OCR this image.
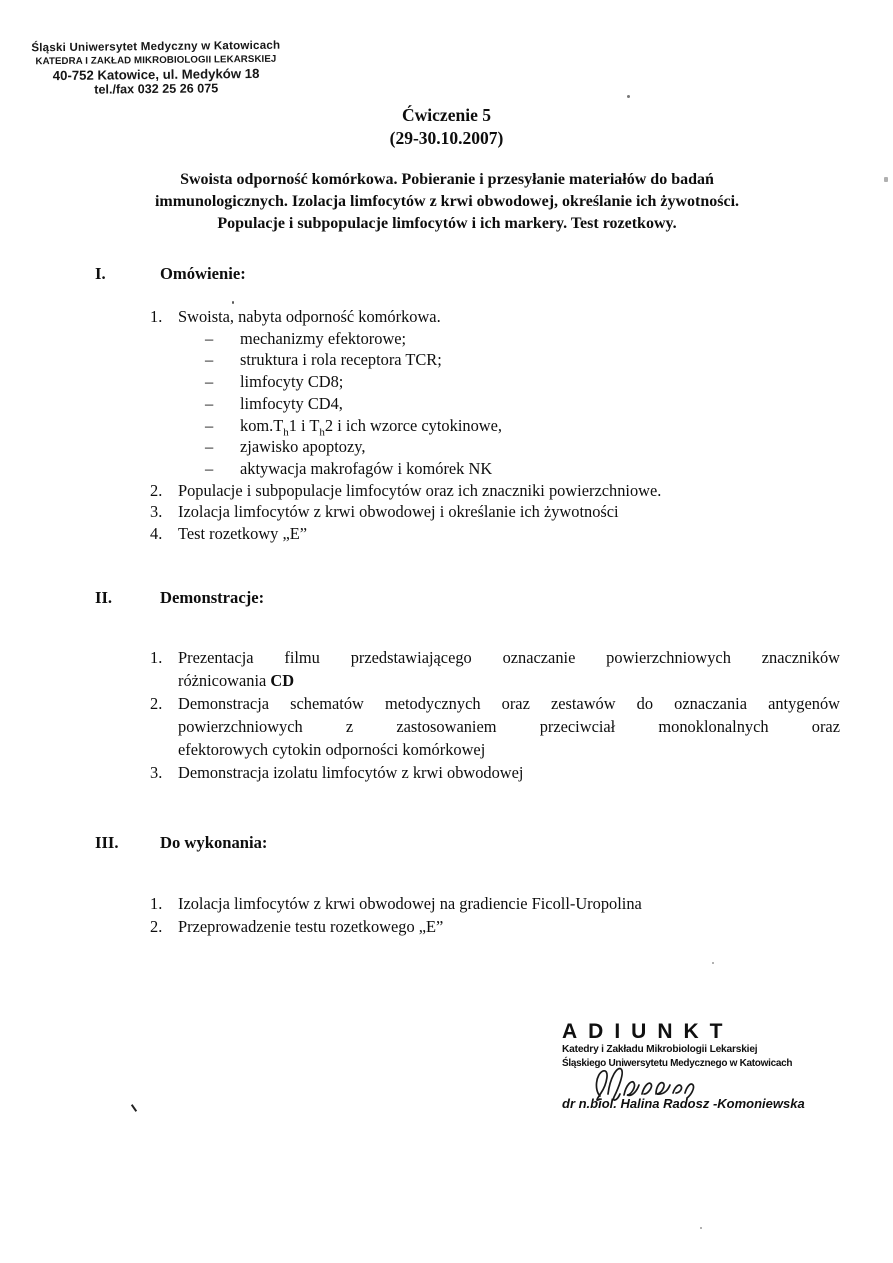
Śląski Uniwersytet Medyczny w Katowicach
KATEDRA I ZAKŁAD MIKROBIOLOGII LEKARSKIEJ
40-752 Katowice, ul. Medyków 18
tel./fax 032 25 26 075
Ćwiczenie 5
(29-30.10.2007)
Swoista odporność komórkowa. Pobieranie i przesyłanie materiałów do badań
immunologicznych. Izolacja limfocytów z krwi obwodowej, określanie ich żywotności.
Populacje i subpopulacje limfocytów i ich markery. Test rozetkowy.
I.	Omówienie:
1. Swoista, nabyta odporność komórkowa.
–	mechanizmy efektorowe;
–	struktura i rola receptora TCR;
–	limfocyty CD8;
–	limfocyty CD4,
–	$kom.T_h1$ i $T_h2$ i ich wzorce cytokinowe,
–	zjawisko apoptozy,
–	aktywacja makrofagów i komórek NK
2. Populacje i subpopulacje limfocytów oraz ich znaczniki powierzchniowe.
3. Izolacja limfocytów z krwi obwodowej i określanie ich żywotności
4. Test rozetkowy „E”
II.	Demonstracje:
1. Prezentacja filmu przedstawiającego oznaczanie powierzchniowych znaczników
różnicowania CD
2. Demonstracja schematów metodycznych oraz zestawów do oznaczania antygenów
powierzchniowych z zastosowaniem przeciwciał monoklonalnych oraz
efektorowych cytokin odporności komórkowej
3. Demonstracja izolatu limfocytów z krwi obwodowej
III. Do wykonania:
1. Izolacja limfocytów z krwi obwodowej na gradiencie Ficoll-Uropolina
2. Przeprowadzenie testu rozetkowego „E”
ADIUNKT
Katedry i Zakładu Mikrobiologii Lekarskiej
Śląskiego Uniwersytetu Medycznego w Katowicach
dr n.biol. Halina Radosz -Komoniewska
